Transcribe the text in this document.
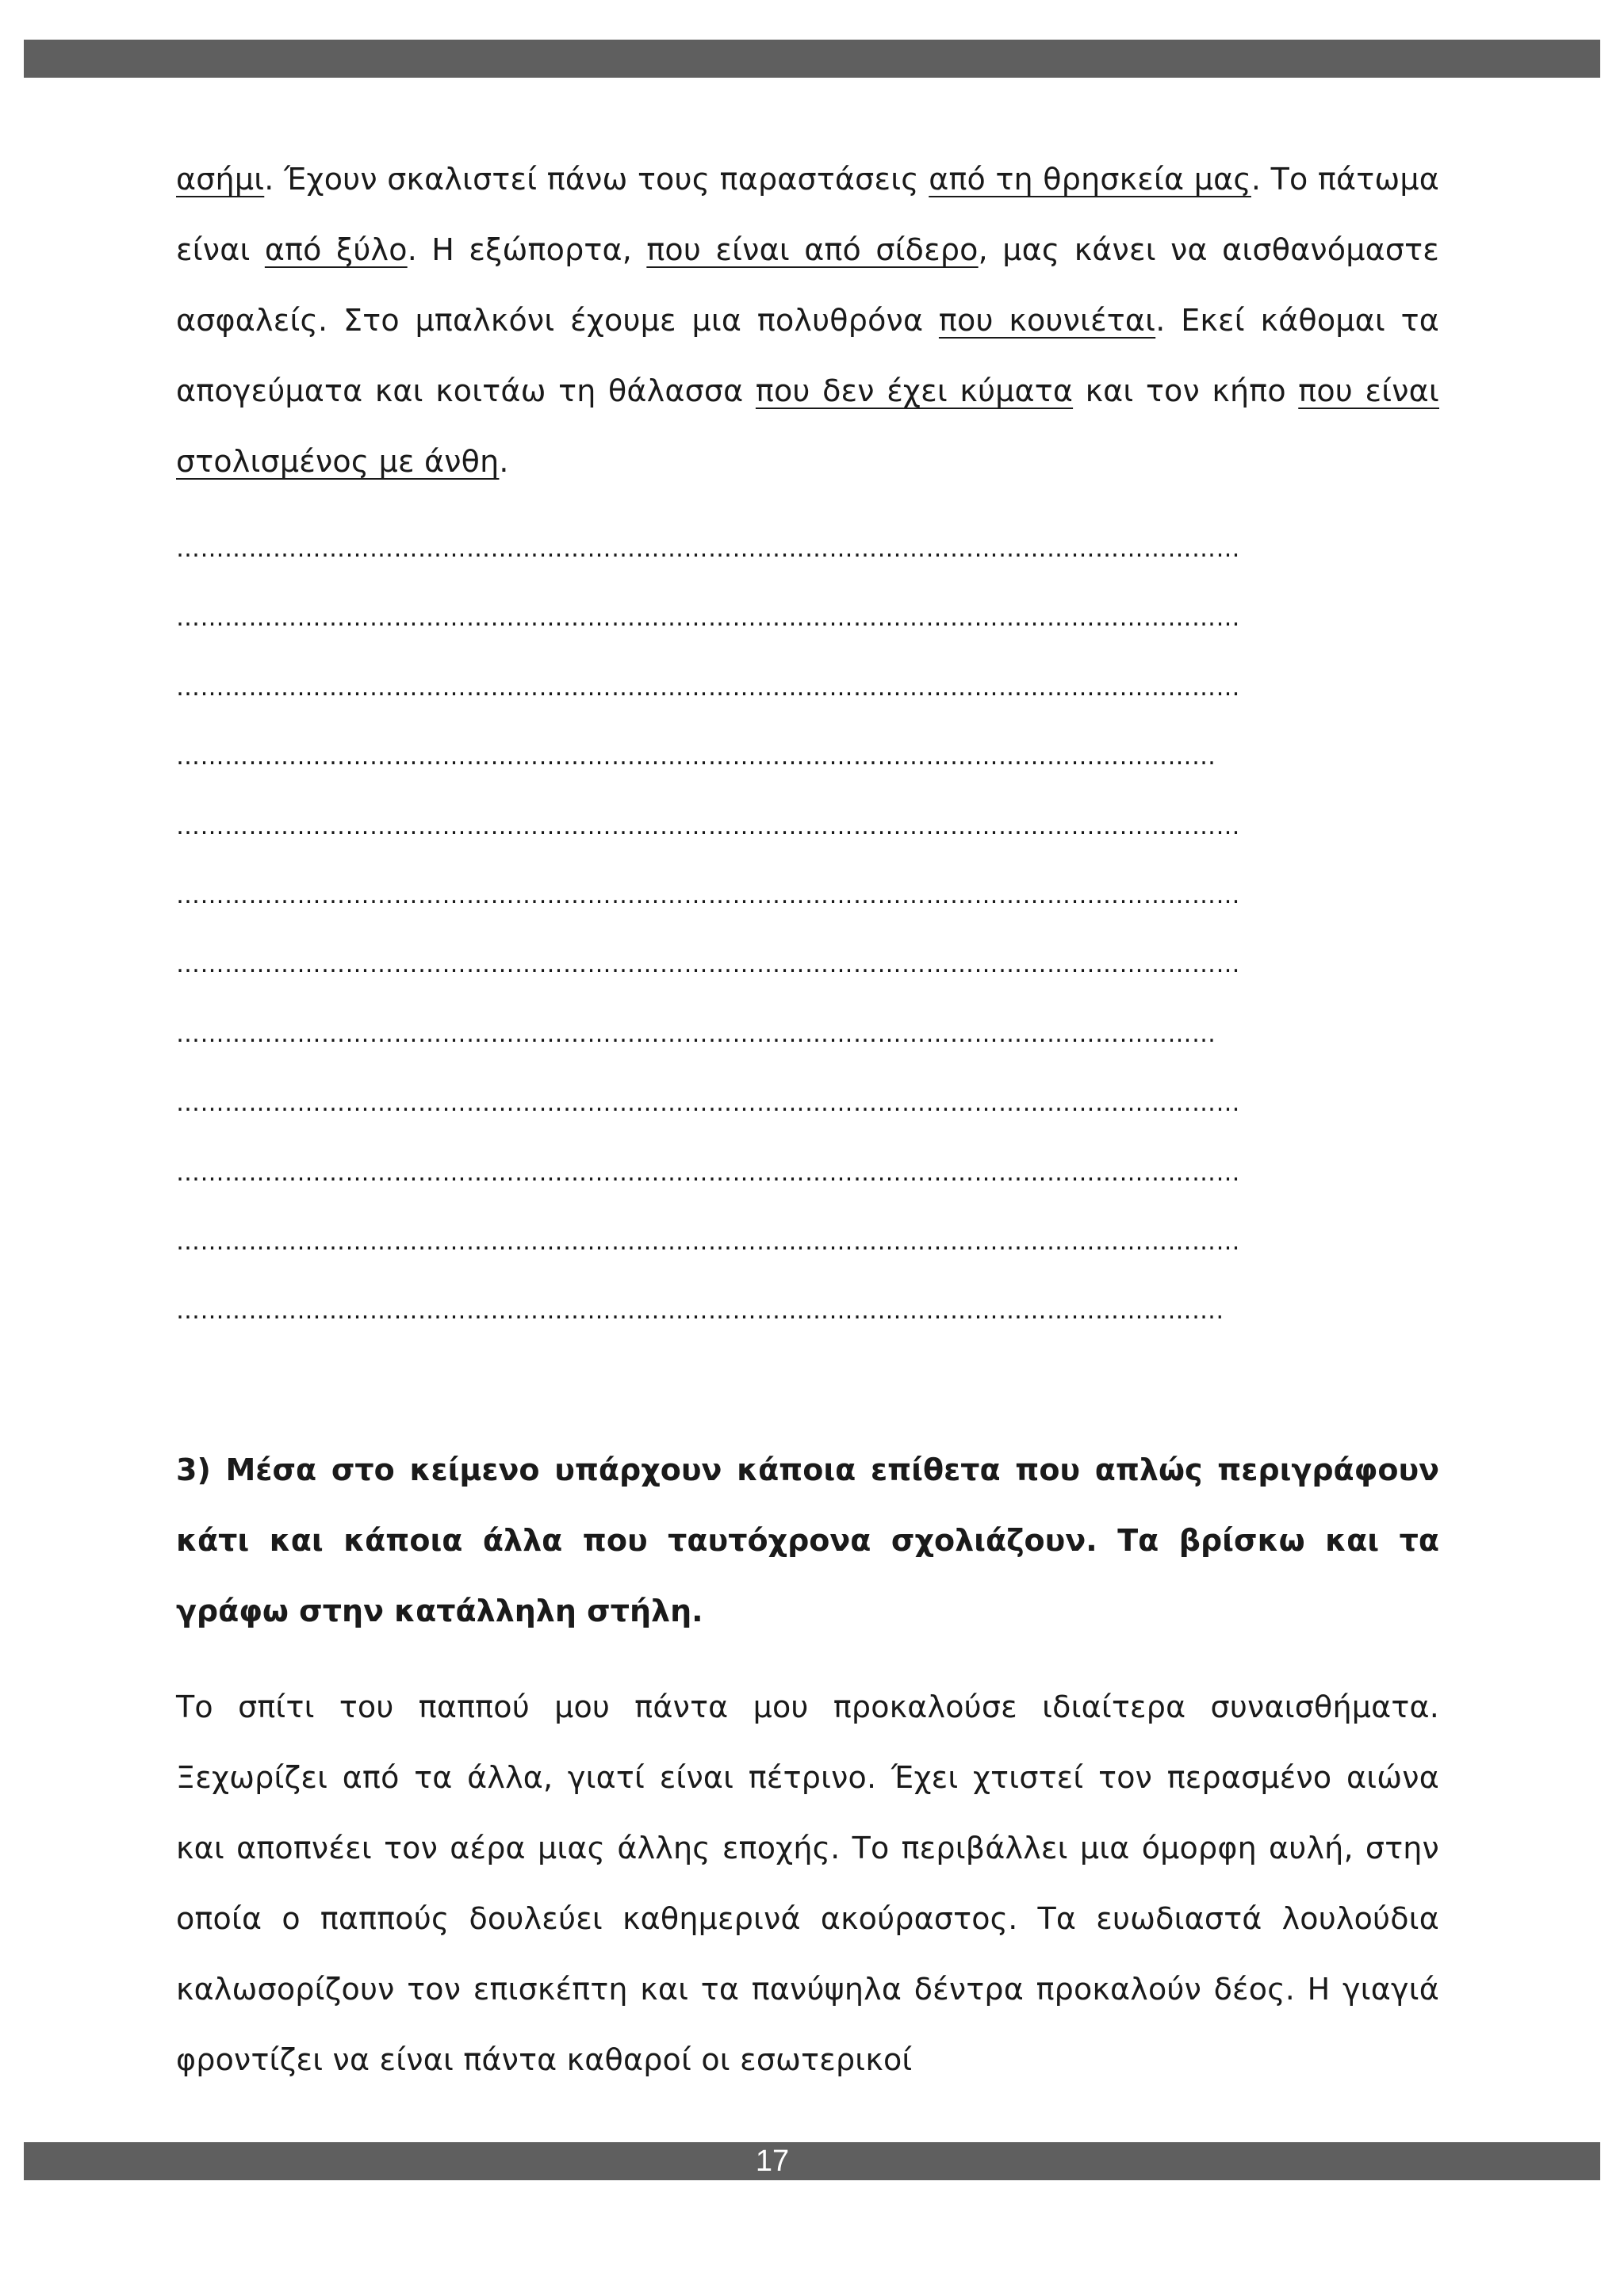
ασήμι. Έχουν σκαλιστεί πάνω τους παραστάσεις από τη θρησκεία μας. Το πάτωμα είναι από ξύλο. Η εξώπορτα, που είναι από σίδερο, μας κάνει να αισθανόμαστε ασφαλείς. Στο μπαλκόνι έχουμε μια πολυθρόνα που κουνιέται. Εκεί κάθομαι τα απογεύματα και κοιτάω τη θάλασσα που δεν έχει κύματα και τον κήπο που είναι στολισμένος με άνθη.

……………………………………………………………………………………………………………………
……………………………………………………………………………………………………………………
……………………………………………………………………………………………………………………
…………………………………………………………………………………………………………………
……………………………………………………………………………………………………………………
……………………………………………………………………………………………………………………
……………………………………………………………………………………………………………………
…………………………………………………………………………………………………………………
……………………………………………………………………………………………………………………
……………………………………………………………………………………………………………………
……………………………………………………………………………………………………………………
………………………………………………………………………………………………………………….

3) Μέσα στο κείμενο υπάρχουν κάποια επίθετα που απλώς περιγράφουν κάτι και κάποια άλλα που ταυτόχρονα σχολιάζουν. Τα βρίσκω και τα γράφω στην κατάλληλη στήλη.

Το σπίτι του παππού μου πάντα μου προκαλούσε ιδιαίτερα συναισθήματα. Ξεχωρίζει από τα άλλα, γιατί είναι πέτρινο. Έχει χτιστεί τον περασμένο αιώνα και αποπνέει τον αέρα μιας άλλης εποχής. Το περιβάλλει μια όμορφη αυλή, στην οποία ο παππούς δουλεύει καθημερινά ακούραστος. Τα ευωδιαστά λουλούδια καλωσορίζουν τον επισκέπτη και τα πανύψηλα δέντρα προκαλούν δέος. Η γιαγιά φροντίζει να είναι πάντα καθαροί οι εσωτερικοί

17
